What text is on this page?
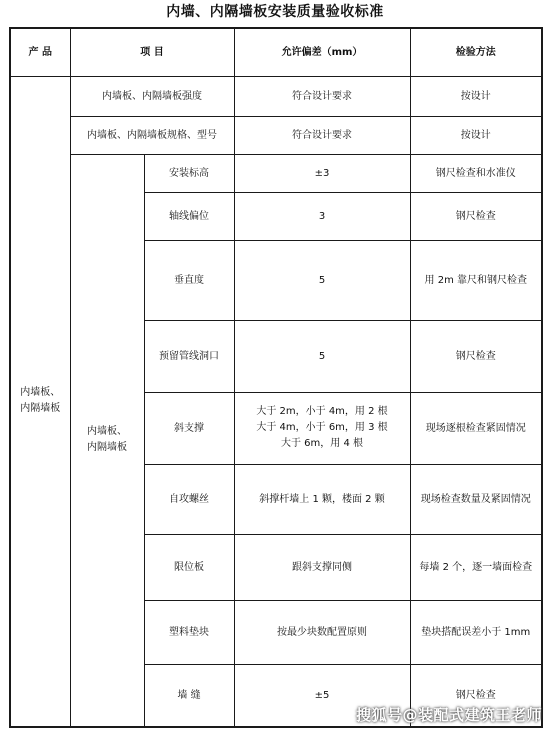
内墙、内隔墙板安装质量验收标准
产 品	项 目		允许偏差（mm）	检验方法
内墙板、
内隔墙板	内墙板、内隔墙板强度		符合设计要求	按设计
	内墙板、内隔墙板规格、型号		符合设计要求	按设计
	内墙板、
内隔墙板	安装标高	±3	钢尺检查和水准仪
		轴线偏位	3	钢尺检查
		垂直度	5	用 2m 靠尺和钢尺检查
		预留管线洞口	5	钢尺检查
		斜支撑	大于 2m，小于 4m，用 2 根
大于 4m，小于 6m，用 3 根
大于 6m，用 4 根	现场逐根检查紧固情况
		自攻螺丝	斜撑杆墙上 1 颗，楼面 2 颗	现场检查数量及紧固情况
		限位板	跟斜支撑同侧	每墙 2 个，逐一墙面检查
		塑料垫块	按最少块数配置原则	垫块搭配误差小于 1mm
		墙 缝	±5	钢尺检查
搜狐号@装配式建筑王老师
